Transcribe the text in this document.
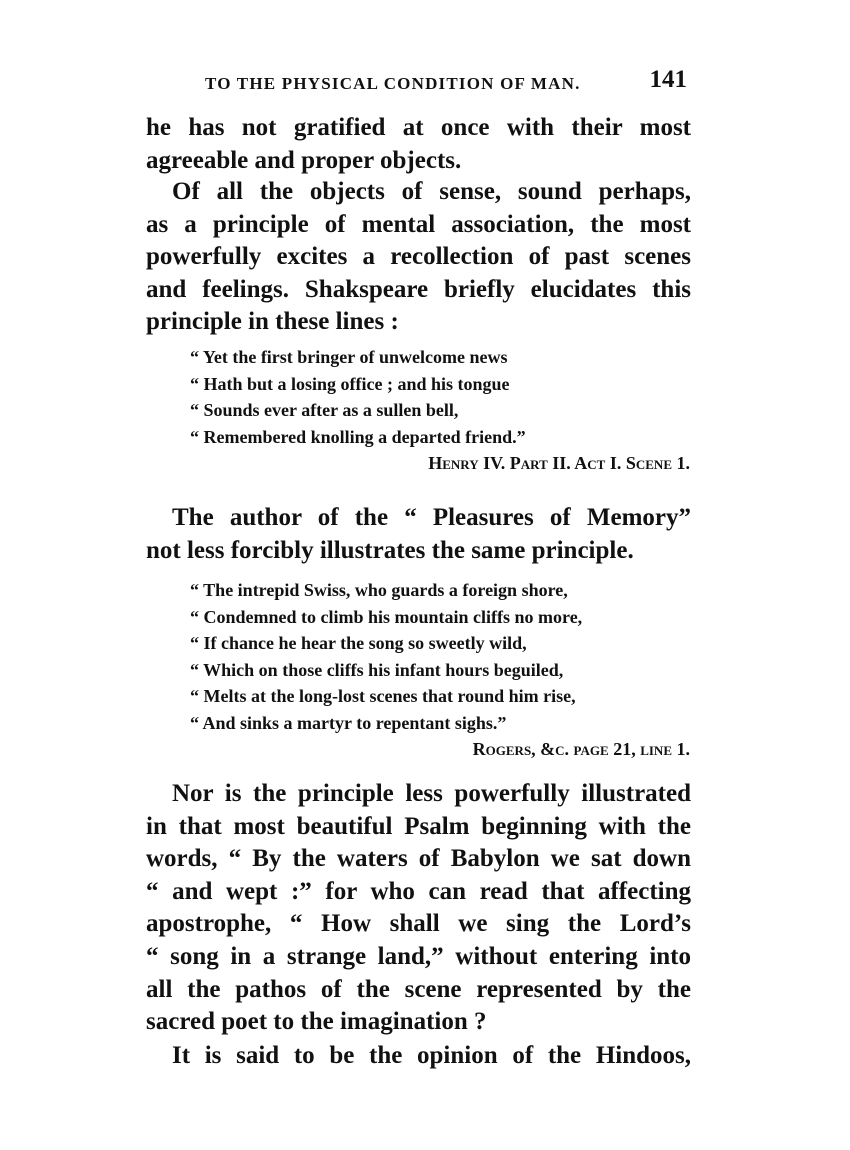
TO THE PHYSICAL CONDITION OF MAN.	141

he has not gratified at once with their most
agreeable and proper objects.

Of all the objects of sense, sound perhaps,
as a principle of mental association, the most
powerfully excites a recollection of past scenes
and feelings. Shakspeare briefly elucidates this
principle in these lines :

“ Yet the first bringer of unwelcome news
“ Hath but a losing office ; and his tongue
“ Sounds ever after as a sullen bell,
“ Remembered knolling a departed friend.”
Henry IV. Part II. Act I. Scene 1.

The author of the “ Pleasures of Memory”
not less forcibly illustrates the same principle.

“ The intrepid Swiss, who guards a foreign shore,
“ Condemned to climb his mountain cliffs no more,
“ If chance he hear the song so sweetly wild,
“ Which on those cliffs his infant hours beguiled,
“ Melts at the long-lost scenes that round him rise,
“ And sinks a martyr to repentant sighs.”
Rogers, &c. page 21, line 1.

Nor is the principle less powerfully illustrated
in that most beautiful Psalm beginning with the
words, “ By the waters of Babylon we sat down
“ and wept :” for who can read that affecting
apostrophe, “ How shall we sing the Lord’s
“ song in a strange land,” without entering into
all the pathos of the scene represented by the
sacred poet to the imagination ?

It is said to be the opinion of the Hindoos,
